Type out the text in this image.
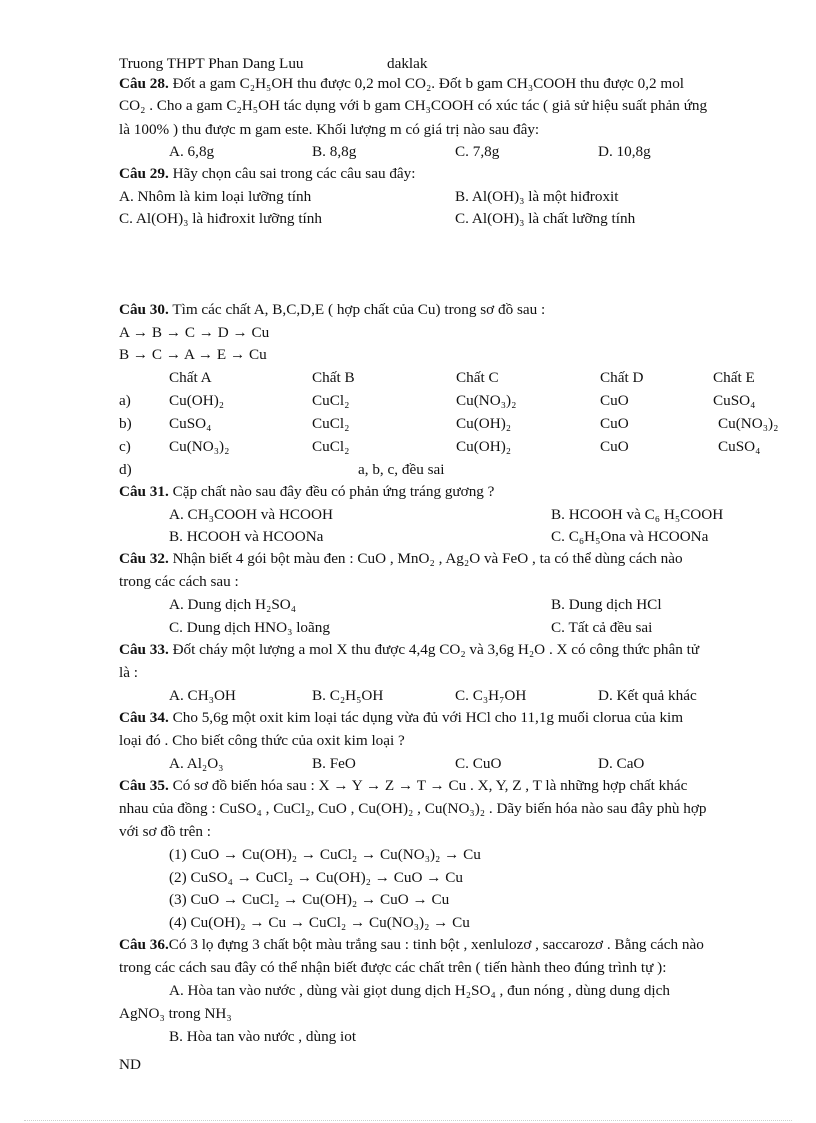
Truong THPT Phan Dang Luu	daklak
Câu 28. Đốt a gam C₂H₅OH thu được 0,2 mol CO₂. Đốt b gam CH₃COOH thu được 0,2 mol
CO₂ . Cho a gam C₂H₅OH tác dụng với b gam CH₃COOH có xúc tác ( giả sử hiệu suất phản ứng
là 100% ) thu được m gam este. Khối lượng m có giá trị nào sau đây:
A. 6,8g	B. 8,8g	C. 7,8g	D. 10,8g
Câu 29. Hãy chọn câu sai trong các câu sau đây:
A. Nhôm là kim loại lưỡng tính	B. Al(OH)₃ là một hiđroxit
C. Al(OH)₃ là hiđroxit lưỡng tính	C. Al(OH)₃ là chất lưỡng tính
Câu 30. Tìm các chất A, B,C,D,E ( hợp chất của Cu) trong sơ đồ sau :
A → B → C → D → Cu
B → C → A → E → Cu
Chất A	Chất B	Chất C	Chất D	Chất E
a)	Cu(OH)₂	CuCl₂	Cu(NO₃)₂	CuO	CuSO₄
b) CuSO₄	CuCl₂	Cu(OH)₂	CuO	Cu(NO₃)₂
c)	Cu(NO₃)₂	CuCl₂	Cu(OH)₂	CuO	CuSO₄
d)	a, b, c, đều sai
Câu 31. Cặp chất nào sau đây đều có phản ứng tráng gương ?
A. CH₃COOH và HCOOH	B. HCOOH và C₆ H₅COOH
B. HCOOH và HCOONa	C. C₆H₅Ona và HCOONa
Câu 32. Nhận biết 4 gói bột màu đen : CuO , MnO₂ , Ag₂O và FeO , ta có thể dùng cách nào
trong các cách sau :
A. Dung dịch H₂SO₄	B. Dung dịch HCl
C. Dung dịch HNO₃ loãng	C. Tất cả đều sai
Câu 33. Đốt cháy một lượng a mol X thu được 4,4g CO₂ và 3,6g H₂O . X có công thức phân tử
là :
A. CH₃OH	B. C₂H₅OH	C. C₃H₇OH	D. Kết quả khác
Câu 34. Cho 5,6g một oxit kim loại tác dụng vừa đủ với HCl cho 11,1g muối clorua của kim
loại đó . Cho biết công thức của oxit kim loại ?
A. Al₂O₃	B. FeO	C. CuO	D. CaO
Câu 35. Có sơ đồ biến hóa sau : X → Y → Z → T → Cu . X, Y, Z , T là những hợp chất khác
nhau của đồng : CuSO₄ , CuCl₂, CuO , Cu(OH)₂ , Cu(NO₃)₂ . Dãy biến hóa nào sau đây phù hợp
với sơ đồ trên :
(1) CuO → Cu(OH)₂ → CuCl₂ → Cu(NO₃)₂ → Cu
(2) CuSO₄ → CuCl₂ → Cu(OH)₂ → CuO → Cu
(3) CuO → CuCl₂ → Cu(OH)₂ → CuO → Cu
(4) Cu(OH)₂ → Cu → CuCl₂ → Cu(NO₃)₂ → Cu
Câu 36.Có 3 lọ đựng 3 chất bột màu trắng sau : tinh bột , xenlulozơ , saccarozơ . Bằng cách nào
trong các cách sau đây có thể nhận biết được các chất trên ( tiến hành theo đúng trình tự ):
A. Hòa tan vào nước , dùng vài giọt dung dịch H₂SO₄ , đun nóng , dùng dung dịch
AgNO₃ trong NH₃
B. Hòa tan vào nước , dùng iot
ND
